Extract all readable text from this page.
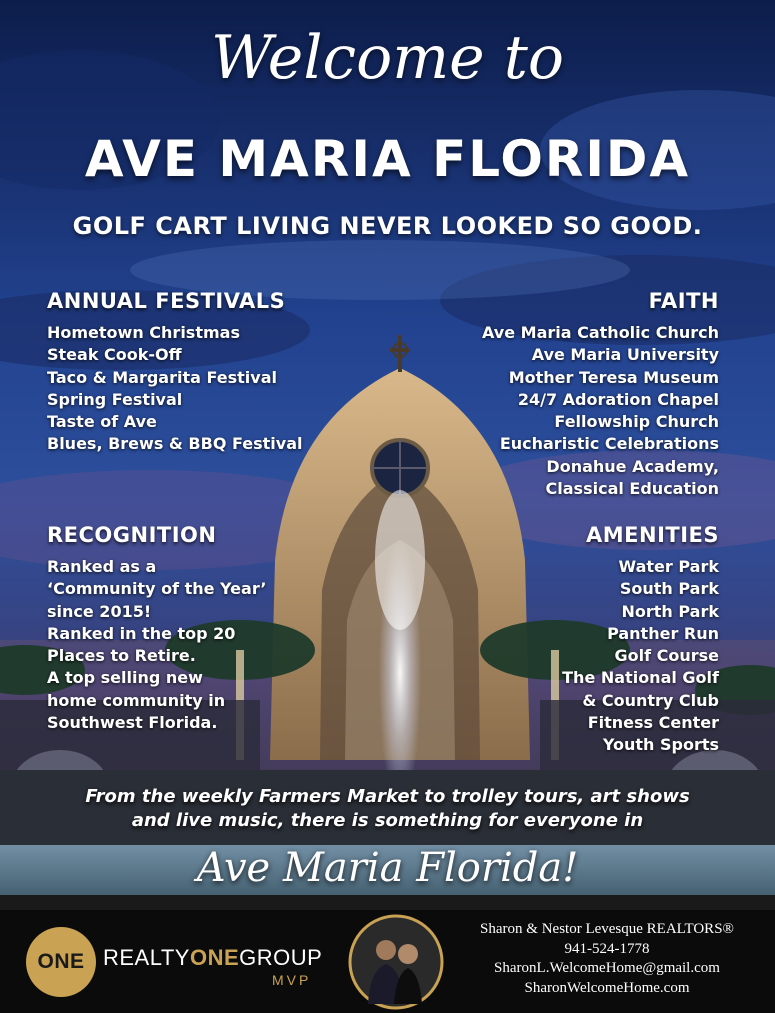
Welcome to
AVE MARIA FLORIDA
GOLF CART LIVING NEVER LOOKED SO GOOD.
ANNUAL FESTIVALS
Hometown Christmas
Steak Cook-Off
Taco & Margarita Festival
Spring Festival
Taste of Ave
Blues, Brews & BBQ Festival
FAITH
Ave Maria Catholic Church
Ave Maria University
Mother Teresa Museum
24/7 Adoration Chapel
Fellowship Church
Eucharistic Celebrations
Donahue Academy,
Classical Education
RECOGNITION
Ranked as a
‘Community of the Year’
since 2015!
Ranked in the top 20
Places to Retire.
A top selling new
home community in
Southwest Florida.
AMENITIES
Water Park
South Park
North Park
Panther Run
Golf Course
The National Golf
& Country Club
Fitness Center
Youth Sports
From the weekly Farmers Market to trolley tours, art shows
and live music, there is something for everyone in
Ave Maria Florida!
ONE REALTYONEGROUP
MVP
Sharon & Nestor Levesque REALTORS®
941-524-1778
SharonL.WelcomeHome@gmail.com
SharonWelcomeHome.com
